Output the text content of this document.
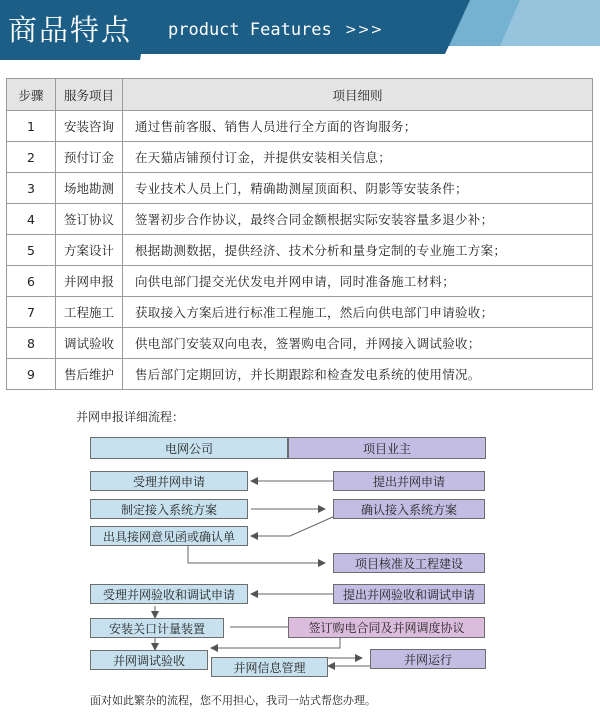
商品特点 product Features >>>
步骤	服务项目	项目细则
1	安装咨询	通过售前客服、销售人员进行全方面的咨询服务；
2	预付订金	在天猫店铺预付订金，并提供安装相关信息；
3	场地勘测	专业技术人员上门，精确勘测屋顶面积、阴影等安装条件；
4	签订协议	签署初步合作协议，最终合同金额根据实际安装容量多退少补；
5	方案设计	根据勘测数据，提供经济、技术分析和量身定制的专业施工方案；
6	并网申报	向供电部门提交光伏发电并网申请，同时准备施工材料；
7	工程施工	获取接入方案后进行标准工程施工，然后向供电部门申请验收；
8	调试验收	供电部门安装双向电表，签署购电合同，并网接入调试验收；
9	售后维护	售后部门定期回访，并长期跟踪和检查发电系统的使用情况。
并网申报详细流程：
电网公司	项目业主
受理并网申请	提出并网申请
制定接入系统方案	确认接入系统方案
出具接网意见函或确认单
项目核准及工程建设
受理并网验收和调试申请	提出并网验收和调试申请
安装关口计量装置	签订购电合同及并网调度协议
并网调试验收	并网运行
并网信息管理
面对如此繁杂的流程，您不用担心，我司一站式帮您办理。
